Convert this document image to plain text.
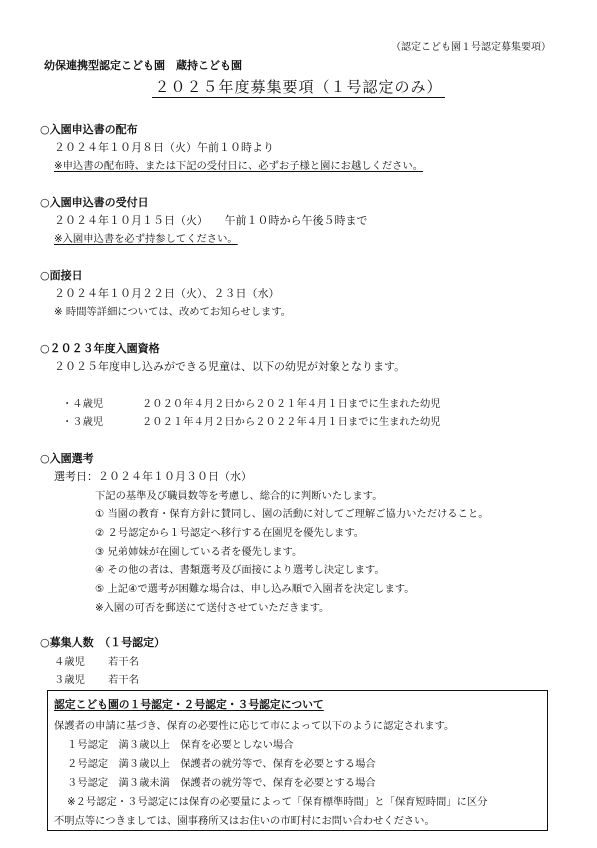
（認定こども園１号認定募集要項）
幼保連携型認定こども園　蔵持こども園
２０２５年度募集要項（１号認定のみ）
○入園申込書の配布
２０２４年１０月８日（火）午前１０時より
※申込書の配布時、または下記の受付日に、必ずお子様と園にお越しください。
○入園申込書の受付日
２０２４年１０月１５日（火）　　午前１０時から午後５時まで
※入園申込書を必ず持参してください。
○面接日
２０２４年１０月２２日（火）、２３日（水）
※ 時間等詳細については、改めてお知らせします。
○２０２３年度入園資格
２０２５年度申し込みができる児童は、以下の幼児が対象となります。
・４歳児	２０２０年４月２日から２０２１年４月１日までに生まれた幼児
・３歳児	２０２１年４月２日から２０２２年４月１日までに生まれた幼児
○入園選考
選考日：２０２４年１０月３０日（水）
下記の基準及び職員数等を考慮し、総合的に判断いたします。
① 当園の教育・保育方針に賛同し、園の活動に対してご理解ご協力いただけること。
② ２号認定から１号認定へ移行する在園児を優先します。
③ 兄弟姉妹が在園している者を優先します。
④ その他の者は、書類選考及び面接により選考し決定します。
⑤ 上記④で選考が困難な場合は、申し込み順で入園者を決定します。
※入園の可否を郵送にて送付させていただきます。
○募集人数　（１号認定）
４歳児 若干名
３歳児 若干名
認定こども園の１号認定・２号認定・３号認定について
保護者の申請に基づき、保育の必要性に応じて市によって以下のように認定されます。
１号認定　満３歳以上　保育を必要としない場合
２号認定　満３歳以上　保護者の就労等で、保育を必要とする場合
３号認定　満３歳未満　保護者の就労等で、保育を必要とする場合
※２号認定・３号認定には保育の必要量によって「保育標準時間」と「保育短時間」に区分
不明点等につきましては、園事務所又はお住いの市町村にお問い合わせください。
